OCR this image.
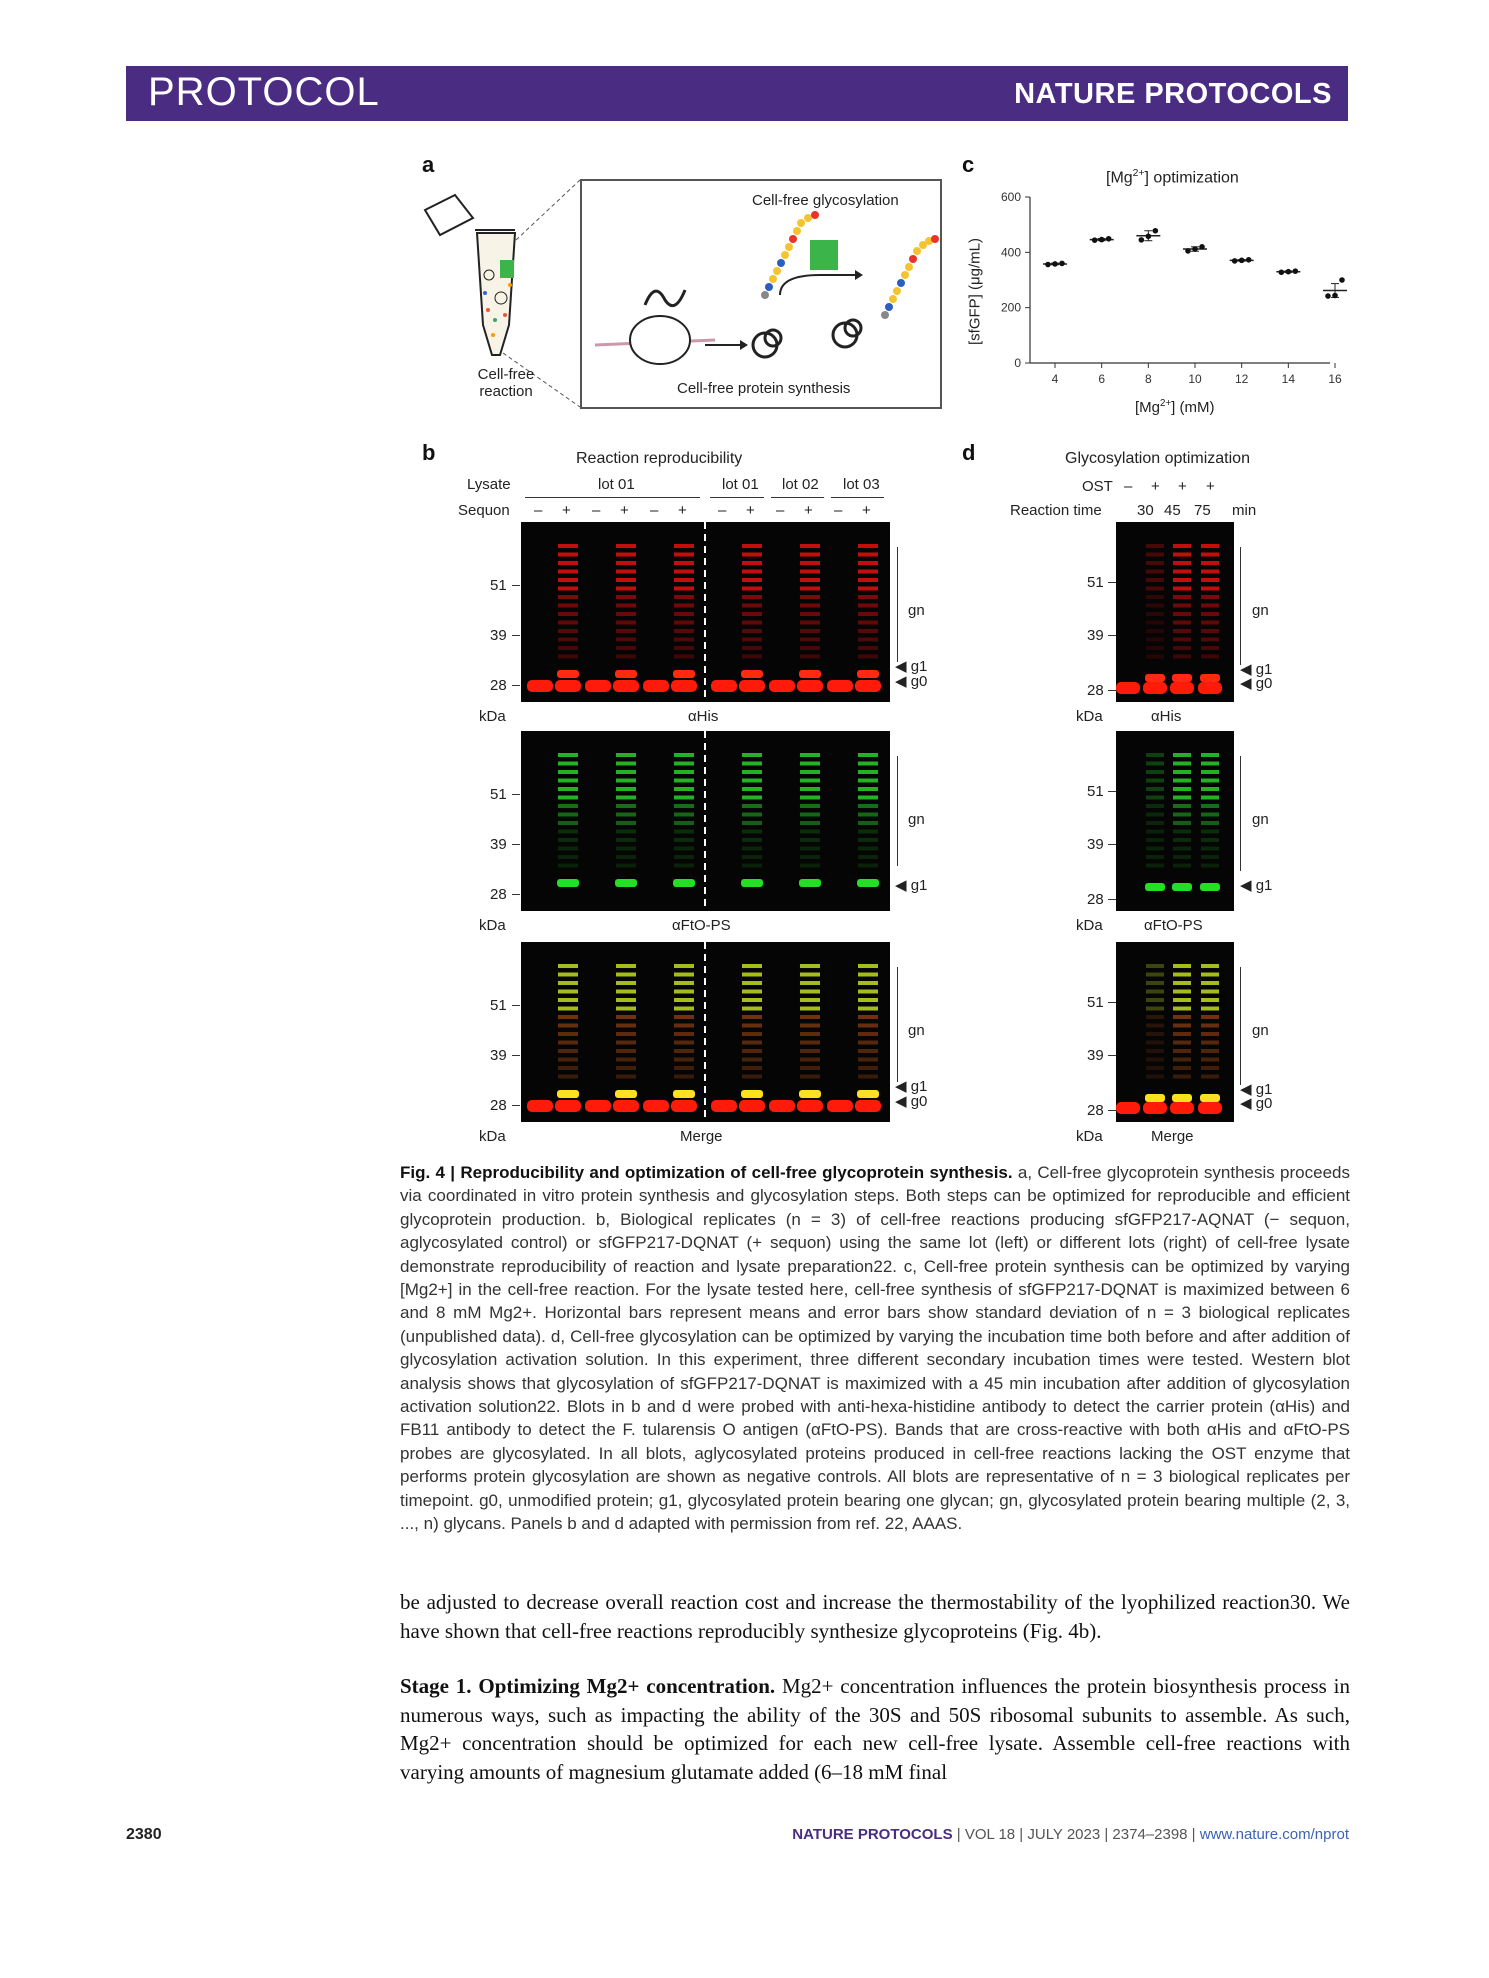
PROTOCOL	NATURE PROTOCOLS
a
Cell-free
reaction
Cell-free glycosylation
Cell-free protein synthesis
c
$[Mg^{2+}]$ optimization
$[Mg^{2+}]$ (mM)
[sfGFP] (μg/mL)
0
200
400
600
4	6	8	10	12	14	16
b	Reaction reproducibility
Lysate
Sequon
d	Glycosylation optimization
OST
Reaction time	min
Fig. 4 | Reproducibility and optimization of cell-free glycoprotein synthesis. a, Cell-free glycoprotein synthesis proceeds via coordinated in vitro protein synthesis and glycosylation steps. Both steps can be optimized for reproducible and efficient glycoprotein production. b, Biological replicates (n = 3) of cell-free reactions producing sfGFP217-AQNAT (− sequon, aglycosylated control) or sfGFP217-DQNAT (+ sequon) using the same lot (left) or different lots (right) of cell-free lysate demonstrate reproducibility of reaction and lysate preparation22. c, Cell-free protein synthesis can be optimized by varying [Mg2+] in the cell-free reaction. For the lysate tested here, cell-free synthesis of sfGFP217-DQNAT is maximized between 6 and 8 mM Mg2+. Horizontal bars represent means and error bars show standard deviation of n = 3 biological replicates (unpublished data). d, Cell-free glycosylation can be optimized by varying the incubation time both before and after addition of glycosylation activation solution. In this experiment, three different secondary incubation times were tested. Western blot analysis shows that glycosylation of sfGFP217-DQNAT is maximized with a 45 min incubation after addition of glycosylation activation solution22. Blots in b and d were probed with anti-hexa-histidine antibody to detect the carrier protein (αHis) and FB11 antibody to detect the F. tularensis O antigen (αFtO-PS). Bands that are cross-reactive with both αHis and αFtO-PS probes are glycosylated. In all blots, aglycosylated proteins produced in cell-free reactions lacking the OST enzyme that performs protein glycosylation are shown as negative controls. All blots are representative of n = 3 biological replicates per timepoint. g0, unmodified protein; g1, glycosylated protein bearing one glycan; gn, glycosylated protein bearing multiple (2, 3, ..., n) glycans. Panels b and d adapted with permission from ref. 22, AAAS.
be adjusted to decrease overall reaction cost and increase the thermostability of the lyophilized reaction30. We have shown that cell-free reactions reproducibly synthesize glycoproteins (Fig. 4b).
Stage 1. Optimizing Mg2+ concentration. Mg2+ concentration influences the protein biosynthesis process in numerous ways, such as impacting the ability of the 30S and 50S ribosomal subunits to assemble. As such, Mg2+ concentration should be optimized for each new cell-free lysate. Assemble cell-free reactions with varying amounts of magnesium glutamate added (6–18 mM final
2380	NATURE PROTOCOLS | VOL 18 | JULY 2023 | 2374–2398 | www.nature.com/nprot
lot 01	lot 01 lot 02 lot 03
– + – + – + – + – + – +
– + + +
30 45 75
51
39
28
kDa	αHis
gn
◀ g1
◀ g0
51
39
28
kDa	αHis
gn
◀ g1
◀ g0
51
39
28
kDa	αFtO-PS
gn
◀ g1
51
39
28
kDa	αFtO-PS
gn
◀ g1
51
39
28
kDa	Merge
gn
◀ g1
◀ g0
51
39
28
kDa	Merge
gn
◀ g1
◀ g0
